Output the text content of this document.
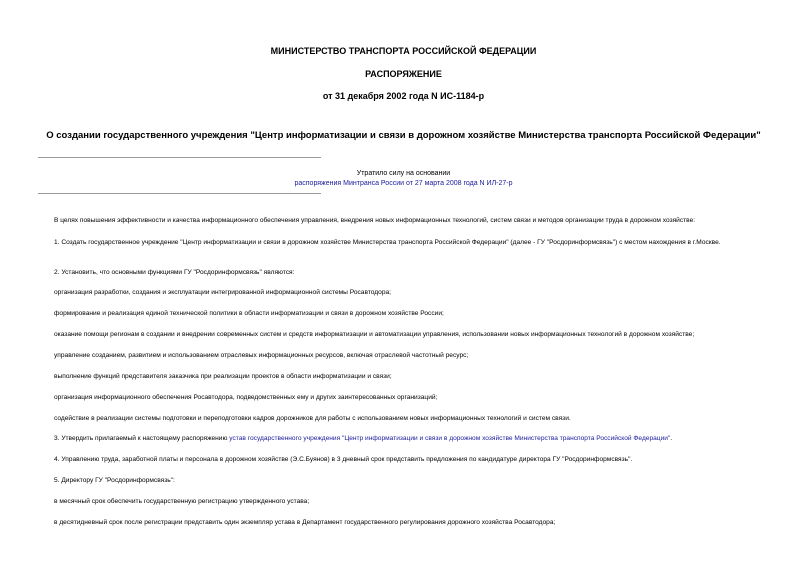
МИНИСТЕРСТВО ТРАНСПОРТА РОССИЙСКОЙ ФЕДЕРАЦИИ
РАСПОРЯЖЕНИЕ
от 31 декабря 2002 года N ИС-1184-р
О создании государственного учреждения "Центр информатизации и связи в дорожном хозяйстве Министерства транспорта Российской Федерации"
Утратило силу на основании
распоряжения Минтранса России от 27 марта 2008 года N ИЛ-27-р
В целях повышения эффективности и качества информационного обеспечения управления, внедрения новых информационных технологий, систем связи и методов организации труда в дорожном хозяйстве:
1. Создать государственное учреждение "Центр информатизации и связи в дорожном хозяйстве Министерства транспорта Российской Федерации" (далее - ГУ "Росдоринформсвязь") с местом нахождения в г.Москве.
2. Установить, что основными функциями ГУ "Росдоринформсвязь" являются:
организация разработки, создания и эксплуатации интегрированной информационной системы Росавтодора;
формирование и реализация единой технической политики в области информатизации и связи в дорожном хозяйстве России;
оказание помощи регионам в создании и внедрении современных систем и средств информатизации и автоматизации управления, использовании новых информационных технологий в дорожном хозяйстве;
управление созданием, развитием и использованием отраслевых информационных ресурсов, включая отраслевой частотный ресурс;
выполнение функций представителя заказчика при реализации проектов в области информатизации и связи;
организация информационного обеспечения Росавтодора, подведомственных ему и других заинтересованных организаций;
содействие в реализации системы подготовки и переподготовки кадров дорожников для работы с использованием новых информационных технологий и систем связи.
3. Утвердить прилагаемый к настоящему распоряжению устав государственного учреждения "Центр информатизации и связи в дорожном хозяйстве Министерства транспорта Российской Федерации".
4. Управлению труда, заработной платы и персонала в дорожном хозяйстве (Э.С.Буянов) в 3 дневный срок представить предложения по кандидатуре директора ГУ "Росдоринформсвязь".
5. Директору ГУ "Росдоринформсвязь":
в месячный срок обеспечить государственную регистрацию утвержденного устава;
в десятидневный срок после регистрации представить один экземпляр устава в Департамент государственного регулирования дорожного хозяйства Росавтодора;
